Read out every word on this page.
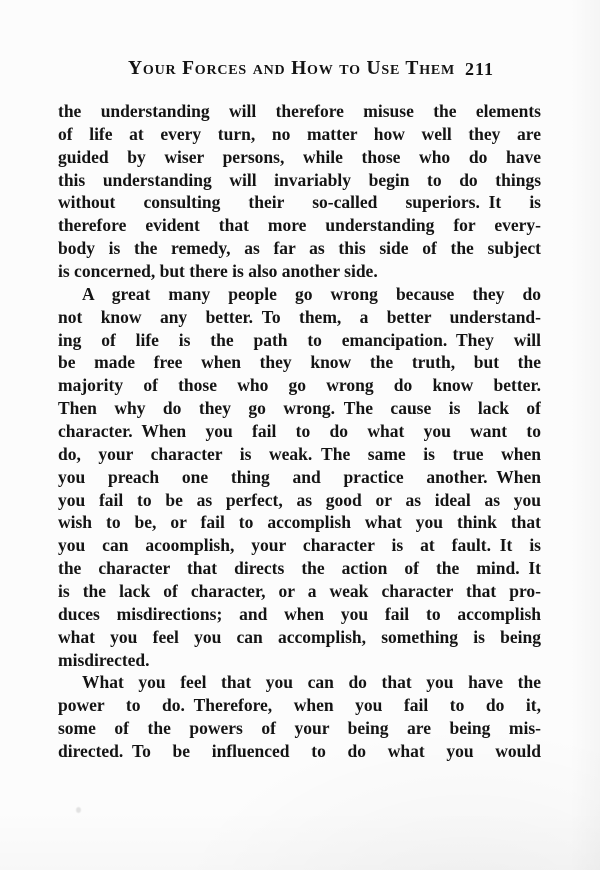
Your Forces and How to Use Them 211
the understanding will therefore misuse the elements
of life at every turn, no matter how well they are
guided by wiser persons, while those who do have
this understanding will invariably begin to do things
without consulting their so-called superiors. It is
therefore evident that more understanding for every-
body is the remedy, as far as this side of the subject
is concerned, but there is also another side.
A great many people go wrong because they do
not know any better. To them, a better understand-
ing of life is the path to emancipation. They will
be made free when they know the truth, but the
majority of those who go wrong do know better.
Then why do they go wrong. The cause is lack of
character. When you fail to do what you want to
do, your character is weak. The same is true when
you preach one thing and practice another. When
you fail to be as perfect, as good or as ideal as you
wish to be, or fail to accomplish what you think that
you can acoomplish, your character is at fault. It is
the character that directs the action of the mind. It
is the lack of character, or a weak character that pro-
duces misdirections; and when you fail to accomplish
what you feel you can accomplish, something is being
misdirected.
What you feel that you can do that you have the
power to do. Therefore, when you fail to do it,
some of the powers of your being are being mis-
directed. To be influenced to do what you would
